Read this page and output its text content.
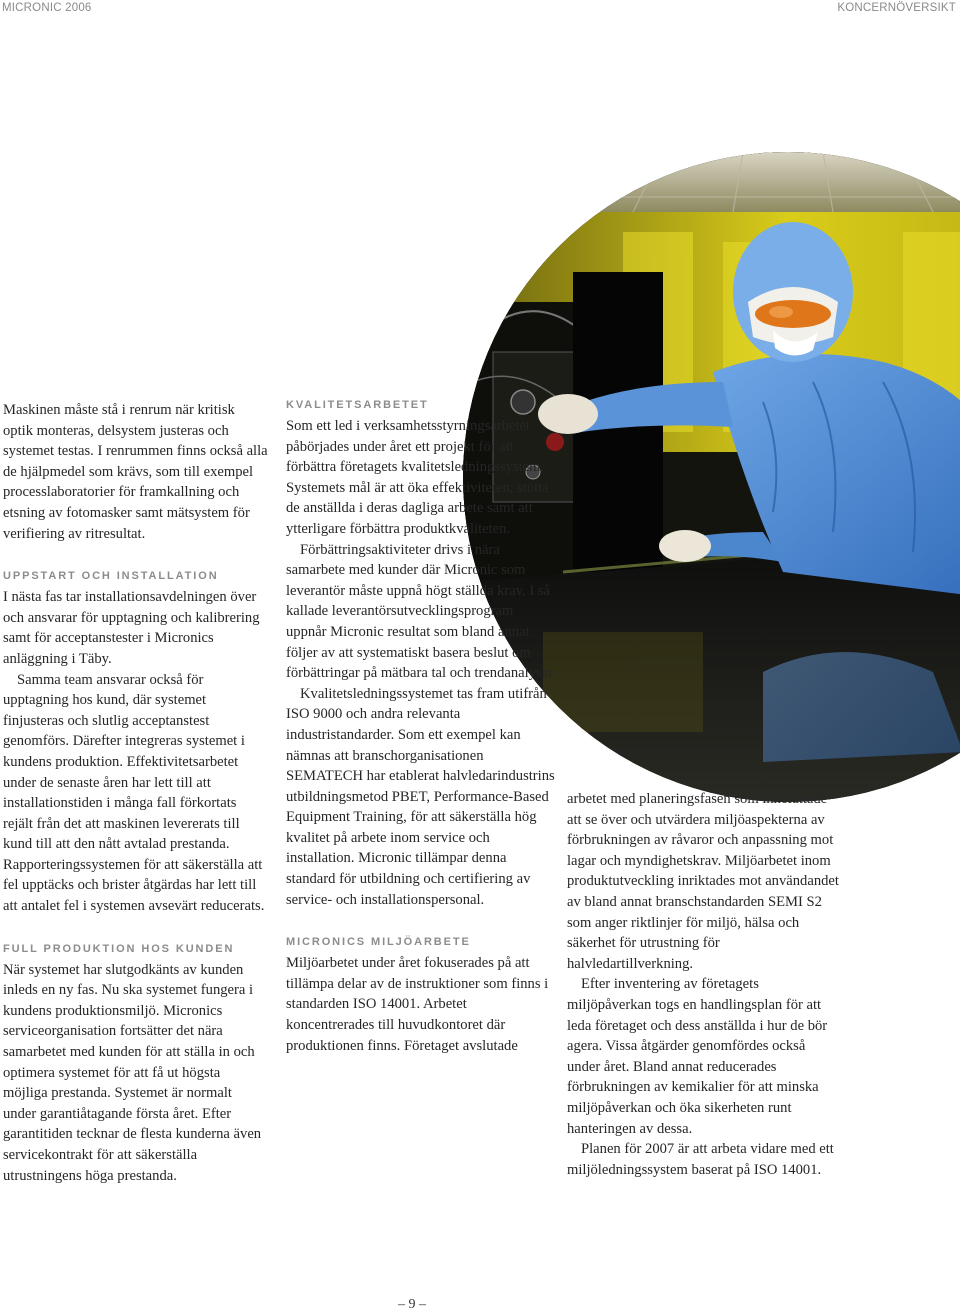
MICRONIC 2006	KONCERNÖVERSIKT

Maskinen måste stå i renrum när kritisk optik monteras, delsystem justeras och systemet testas. I renrummen finns också alla de hjälpmedel som krävs, som till exempel processlaboratorier för framkallning och etsning av fotomasker samt mätsystem för verifiering av ritresultat.

UPPSTART OCH INSTALLATION

I nästa fas tar installationsavdelningen över och ansvarar för upptagning och kalibrering samt för acceptanstester i Micronics anläggning i Täby.

Samma team ansvarar också för upptagning hos kund, där systemet finjusteras och slutlig acceptanstest genomförs. Därefter integreras systemet i kundens produktion. Effektivitetsarbetet under de senaste åren har lett till att installationstiden i många fall förkortats rejält från det att maskinen levererats till kund till att den nått avtalad prestanda. Rapporteringssystemen för att säkerställa att fel upptäcks och brister åtgärdas har lett till att antalet fel i systemen avsevärt reducerats.

FULL PRODUKTION HOS KUNDEN

När systemet har slutgodkänts av kunden inleds en ny fas. Nu ska systemet fungera i kundens produktionsmiljö. Micronics serviceorganisation fortsätter det nära samarbetet med kunden för att ställa in och optimera systemet för att få ut högsta möjliga prestanda. Systemet är normalt under garantiåtagande första året. Efter garantitiden tecknar de flesta kunderna även servicekontrakt för att säkerställa utrustningens höga prestanda.

KVALITETSARBETET

Som ett led i verksamhetsstyrningsarbetet påbörjades under året ett projekt för att förbättra företagets kvalitetsledningssystem. Systemets mål är att öka effektiviteten, stötta de anställda i deras dagliga arbete samt att ytterligare förbättra produktkvaliteten.

Förbättringsaktiviteter drivs i nära samarbete med kunder där Micronic som leverantör måste uppnå högt ställda krav. I så kallade leverantörsutvecklingsprogram uppnår Micronic resultat som bland annat följer av att systematiskt basera beslut om förbättringar på mätbara tal och trendanalyser.

Kvalitetsledningssystemet tas fram utifrån ISO 9000 och andra relevanta industristandarder. Som ett exempel kan nämnas att branschorganisationen SEMATECH har etablerat halvledarindustrins utbildningsmetod PBET, Performance-Based Equipment Training, för att säkerställa hög kvalitet på arbete inom service och installation. Micronic tillämpar denna standard för utbildning och certifiering av service- och installationspersonal.

MICRONICS MILJÖARBETE

Miljöarbetet under året fokuserades på att tillämpa delar av de instruktioner som finns i standarden ISO 14001. Arbetet koncentrerades till huvudkontoret där produktionen finns. Företaget avslutade

arbetet med planeringsfasen som innefattade att se över och utvärdera miljöaspekterna av förbrukningen av råvaror och anpassning mot lagar och myndighetskrav. Miljöarbetet inom produktutveckling inriktades mot användandet av bland annat branschstandarden SEMI S2 som anger riktlinjer för miljö, hälsa och säkerhet för utrustning för halvledartillverkning.

Efter inventering av företagets miljöpåverkan togs en handlingsplan för att leda företaget och dess anställda i hur de bör agera. Vissa åtgärder genomfördes också under året. Bland annat reducerades förbrukningen av kemikalier för att minska miljöpåverkan och öka sikerheten runt hanteringen av dessa.

Planen för 2007 är att arbeta vidare med ett miljöledningssystem baserat på ISO 14001.

– 9 –
